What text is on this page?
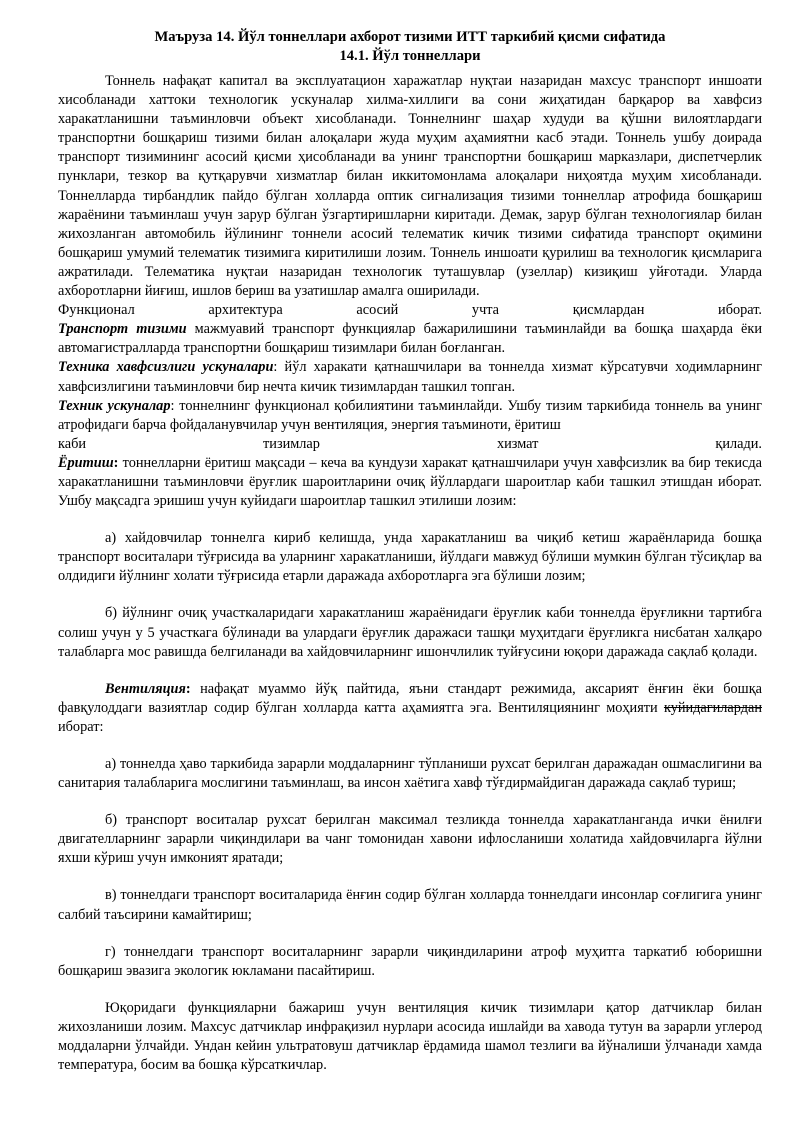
Маъруза 14. Йўл тоннеллари ахборот тизими ИТТ таркибий қисми сифатида
14.1. Йўл тоннеллари

Тоннель нафақат капитал ва эксплуатацион харажатлар нуқтаи назаридан махсус транспорт иншоати хисобланади хаттоки технологик ускуналар хилма-хиллиги ва сони жиҳатидан барқарор ва хавфсиз харакатланишни таъминловчи объект хисобланади. Тоннелнинг шаҳар худуди ва қўшни вилоятлардаги транспортни бошқариш тизими билан алоқалари жуда муҳим аҳамиятни касб этади. Тоннель ушбу доирада транспорт тизимининг асосий қисми ҳисобланади ва унинг транспортни бошқариш марказлари, диспетчерлик пунклари, тезкор ва қутқарувчи хизматлар билан иккитомонлама алоқалари ниҳоятда муҳим хисобланади. Тоннелларда тирбандлик пайдо бўлган холларда оптик сигнализация тизими тоннеллар атрофида бошқариш жараёнини таъминлаш учун зарур бўлган ўзгартиришларни киритади. Демак, зарур бўлган технологиялар билан жихозланган автомобиль йўлининг тоннели асосий телематик кичик тизими сифатида транспорт оқимини бошқариш умумий телематик тизимига киритилиши лозим. Тоннель иншоати қурилиш ва технологик қисмларига ажратилади. Телематика нуқтаи назаридан технологик туташувлар (узеллар) кизиқиш уйғотади. Уларда ахборотларни йиғиш, ишлов бериш ва узатишлар амалга оширилади.

Функционал	архитектура	асосий	учта	қисмлардан	иборат.

Транспорт тизими мажмуавий транспорт функциялар бажарилишини таъминлайди ва бошқа шаҳарда ёки автомагистралларда транспортни бошқариш тизимлари билан боғланган.

Техника хавфсизлиги ускуналари: йўл харакати қатнашчилари ва тоннелда хизмат кўрсатувчи ходимларнинг хавфсизлигини таъминловчи бир нечта кичик тизимлардан ташкил топган.

Техник ускуналар: тоннелнинг функционал қобилиятини таъминлайди. Ушбу тизим таркибида тоннель ва унинг атрофидаги барча фойдаланувчилар учун вентиляция, энергия таъминоти, ёритиш

каби	тизимлар	хизмат	қилади.

Ёритиш: тоннелларни ёритиш мақсади – кеча ва кундузи харакат қатнашчилари учун хавфсизлик ва бир текисда харакатланишни таъминловчи ёруғлик шароитларини очиқ йўллардаги шароитлар каби ташкил этишдан иборат. Ушбу мақсадга эришиш учун куйидаги шароитлар ташкил этилиши лозим:

а) хайдовчилар тоннелга кириб келишда, унда харакатланиш ва чиқиб кетиш жараёнларида бошқа транспорт воситалари тўғрисида ва уларнинг харакатланиши, йўлдаги мавжуд бўлиши мумкин бўлган тўсиқлар ва олдидиги йўлнинг холати тўғрисида етарли даражада ахборотларга эга бўлиши лозим;

б) йўлнинг очиқ участкаларидаги харакатланиш жараёнидаги ёруғлик каби тоннелда ёруғликни тартибга солиш учун у 5 участкага бўлинади ва улардаги ёруғлик даражаси ташқи муҳитдаги ёруғликга нисбатан халқаро талабларга мос равишда белгиланади ва хайдовчиларнинг ишончлилик туйғусини юқори даражада сақлаб қолади.

Вентиляция: нафақат муаммо йўқ пайтида, яъни стандарт режимида, аксарият ёнғин ёки бошқа фавқулоддаги вазиятлар содир бўлган холларда катта аҳамиятга эга. Вентиляциянинг моҳияти куйидагилардан иборат:

а) тоннелда ҳаво таркибида зарарли моддаларнинг тўпланиши рухсат берилган даражадан ошмаслигини ва санитария талабларига мослигини таъминлаш, ва инсон хаётига хавф тўғдирмайдиган даражада сақлаб туриш;

б) транспорт воситалар рухсат берилган максимал тезликда тоннелда харакатланганда ички ёнилғи двигателларнинг зарарли чиқиндилари ва чанг томонидан хавони ифлосланиши холатида хайдовчиларга йўлни яхши кўриш учун имконият яратади;

в) тоннелдаги транспорт воситаларида ёнғин содир бўлган холларда тоннелдаги инсонлар соғлигига унинг салбий таъсирини камайтириш;

г) тоннелдаги транспорт воситаларнинг зарарли чиқиндиларини атроф муҳитга таркатиб юборишни бошқариш эвазига экологик юкламани пасайтириш.

Юқоридаги функцияларни бажариш учун вентиляция кичик тизимлари қатор датчиклар билан жихозланиши лозим. Махсус датчиклар инфрақизил нурлари асосида ишлайди ва хавода тутун ва зарарли углерод моддаларни ўлчайди. Ундан кейин ультратовуш датчиклар ёрдамида шамол тезлиги ва йўналиши ўлчанади хамда температура, босим ва бошқа кўрсаткичлар.
